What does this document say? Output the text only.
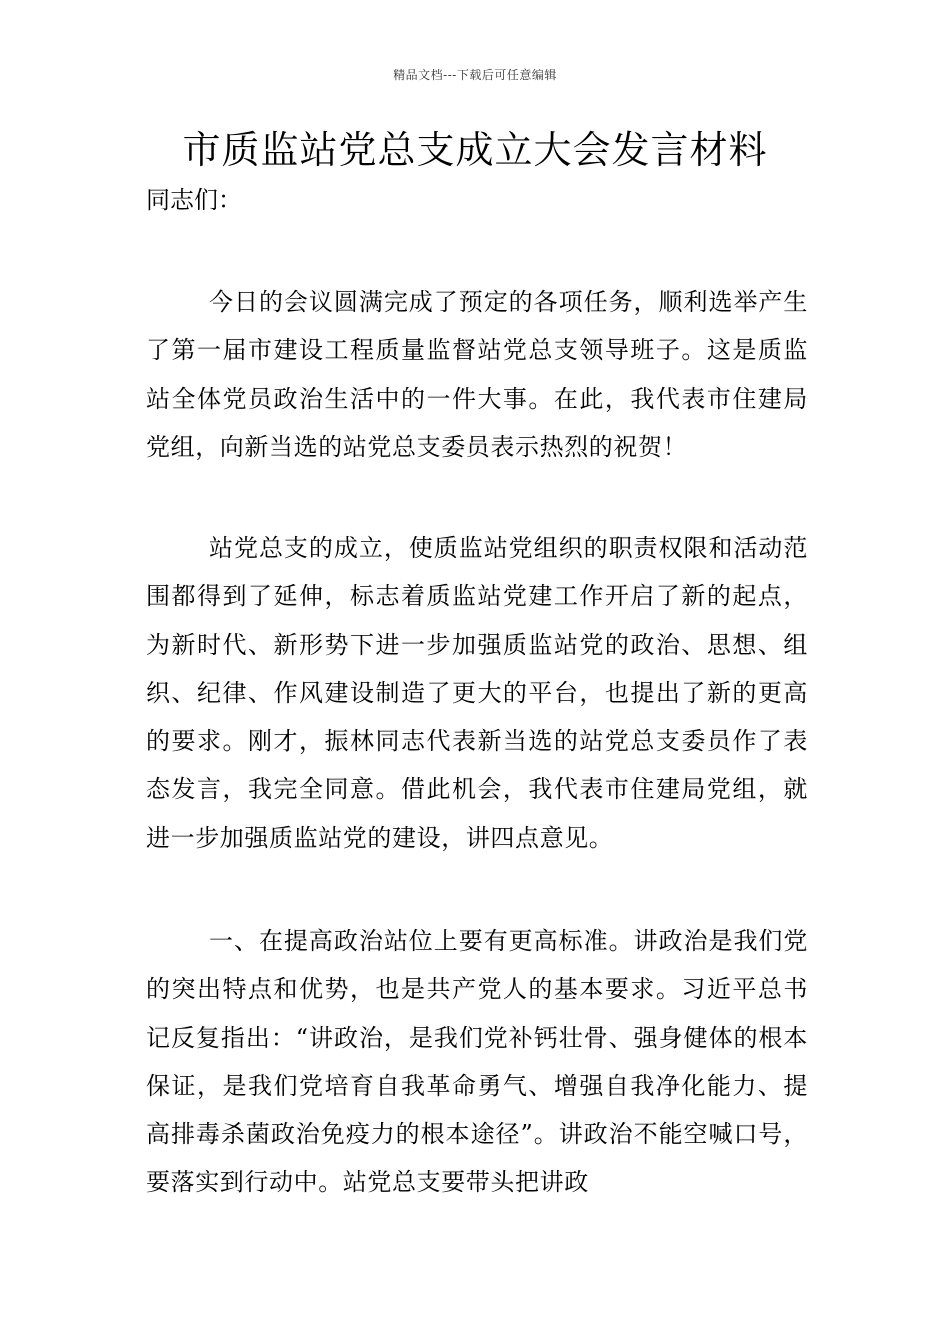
精品文档---下载后可任意编辑
市质监站党总支成立大会发言材料
同志们：

今日的会议圆满完成了预定的各项任务，顺利选举产生了第一届市建设工程质量监督站党总支领导班子。这是质监站全体党员政治生活中的一件大事。在此，我代表市住建局党组，向新当选的站党总支委员表示热烈的祝贺！

站党总支的成立，使质监站党组织的职责权限和活动范围都得到了延伸，标志着质监站党建工作开启了新的起点，为新时代、新形势下进一步加强质监站党的政治、思想、组织、纪律、作风建设制造了更大的平台，也提出了新的更高的要求。刚才，振林同志代表新当选的站党总支委员作了表态发言，我完全同意。借此机会，我代表市住建局党组，就进一步加强质监站党的建设，讲四点意见。

一、在提高政治站位上要有更高标准。讲政治是我们党的突出特点和优势，也是共产党人的基本要求。习近平总书记反复指出：“讲政治，是我们党补钙壮骨、强身健体的根本保证，是我们党培育自我革命勇气、增强自我净化能力、提高排毒杀菌政治免疫力的根本途径”。讲政治不能空喊口号，要落实到行动中。站党总支要带头把讲政
